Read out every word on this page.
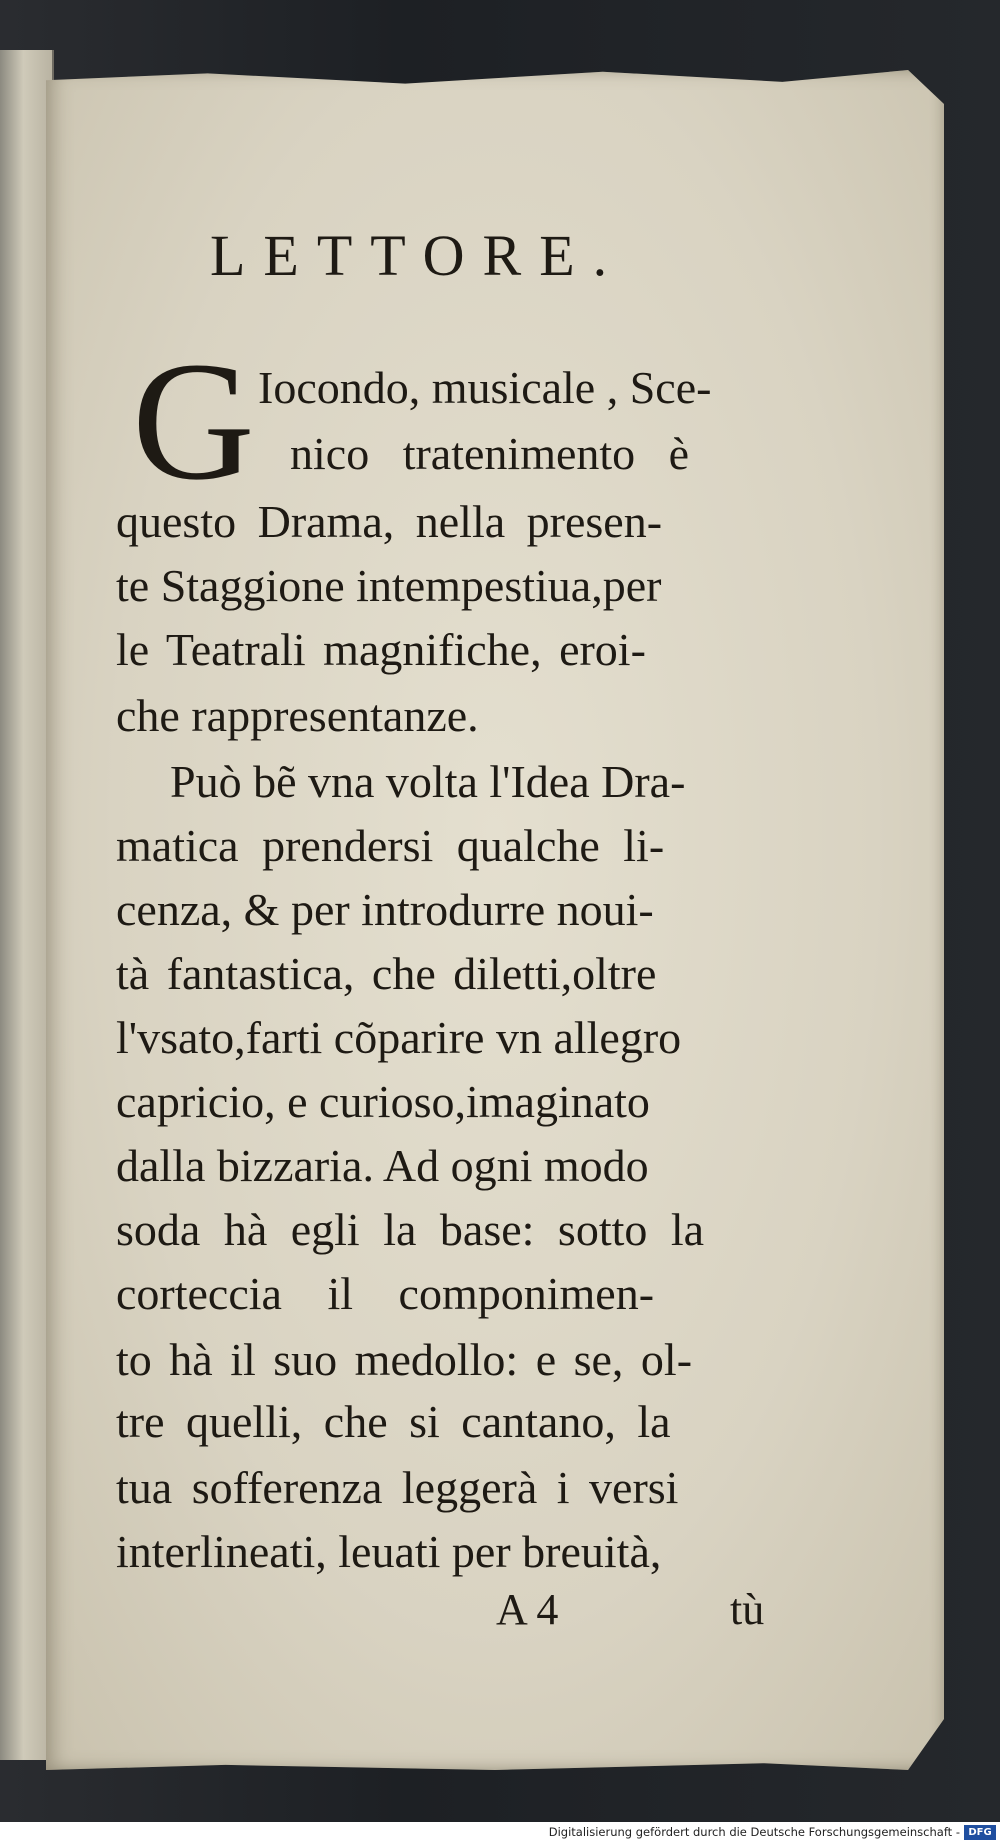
LETTORE.
G Iocondo, musicale , Sce-
nico tratenimento è
questo Drama, nella presen-
te Staggione intempestiua,per
le Teatrali magnifiche, eroi-
che rappresentanze.
Può bẽ vna volta l'Idea Dra-
matica prendersi qualche li-
cenza, & per introdurre noui-
tà fantastica, che diletti,oltre
l'vsato,farti cõparire vn allegro
capricio, e curioso,imaginato
dalla bizzaria. Ad ogni modo
soda hà egli la base: sotto la
corteccia il componimen-
to hà il suo medollo: e se, ol-
tre quelli, che si cantano, la
tua sofferenza leggerà i versi
interlineati, leuati per breuità,
A 4	tù
Digitalisierung gefördert durch die Deutsche Forschungsgemeinschaft - DFG
